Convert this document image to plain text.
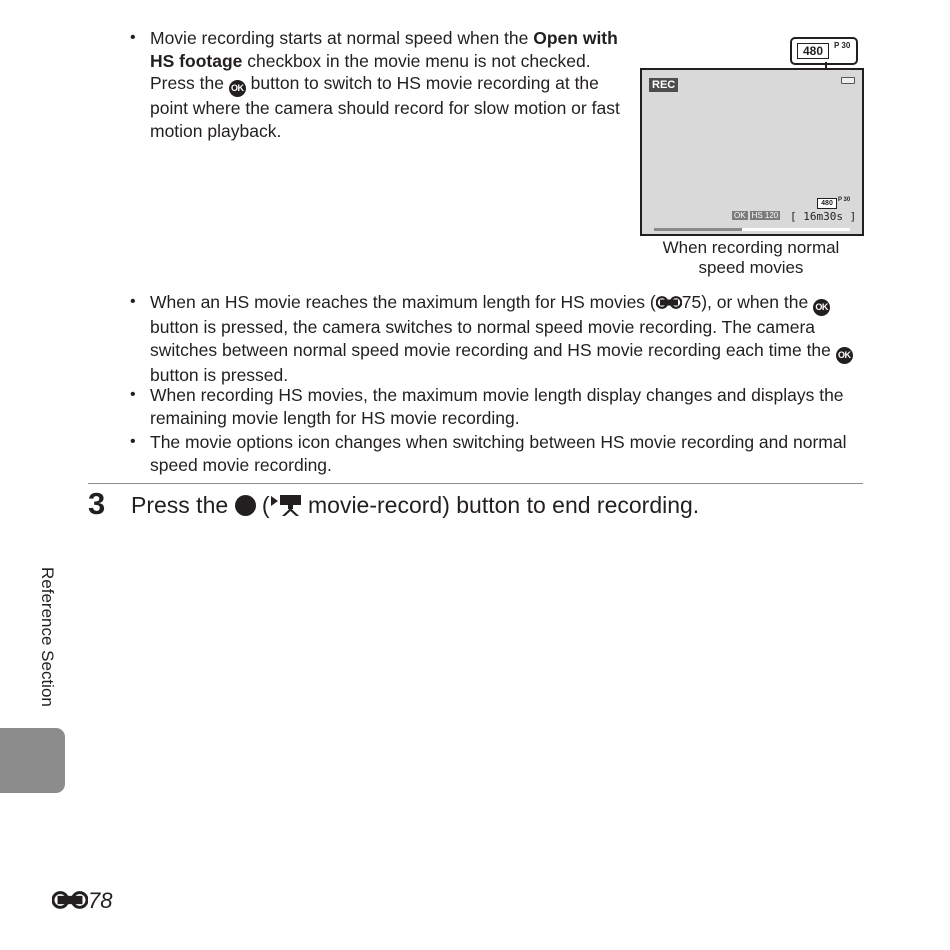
• Movie recording starts at normal speed when the Open with HS footage checkbox in the movie menu is not checked. Press the OK button to switch to HS movie recording at the point where the camera should record for slow motion or fast motion playback.
480	P 30
REC
480 P 30
OK HS 120 [ 16m30s ]
When recording normal speed movies
• When an HS movie reaches the maximum length for HS movies ( 75), or when the OK button is pressed, the camera switches to normal speed movie recording. The camera switches between normal speed movie recording and HS movie recording each time the OK button is pressed.
• When recording HS movies, the maximum movie length display changes and displays the remaining movie length for HS movie recording.
• The movie options icon changes when switching between HS movie recording and normal speed movie recording.
3 Press the  ( movie-record) button to end recording.
Reference Section
78
